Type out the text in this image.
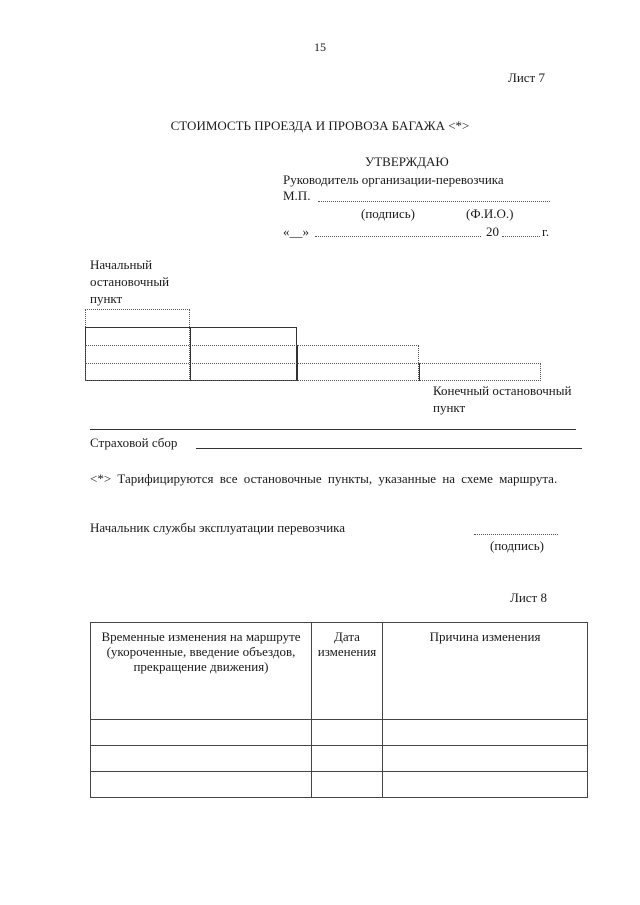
15
Лист 7
СТОИМОСТЬ ПРОЕЗДА И ПРОВОЗА БАГАЖА <*>
УТВЕРЖДАЮ
Руководитель организации-перевозчика
М.П.
(подпись)	(Ф.И.О.)
«__»	20	г.
Начальный остановочный пункт
Конечный остановочный пункт
Страховой сбор
<*> Тарифицируются все остановочные пункты, указанные на схеме маршрута.
Начальник службы эксплуатации перевозчика
(подпись)
Лист 8
Временные изменения на маршруте (укороченные, введение объездов, прекращение движения)	Дата изменения	Причина изменения
